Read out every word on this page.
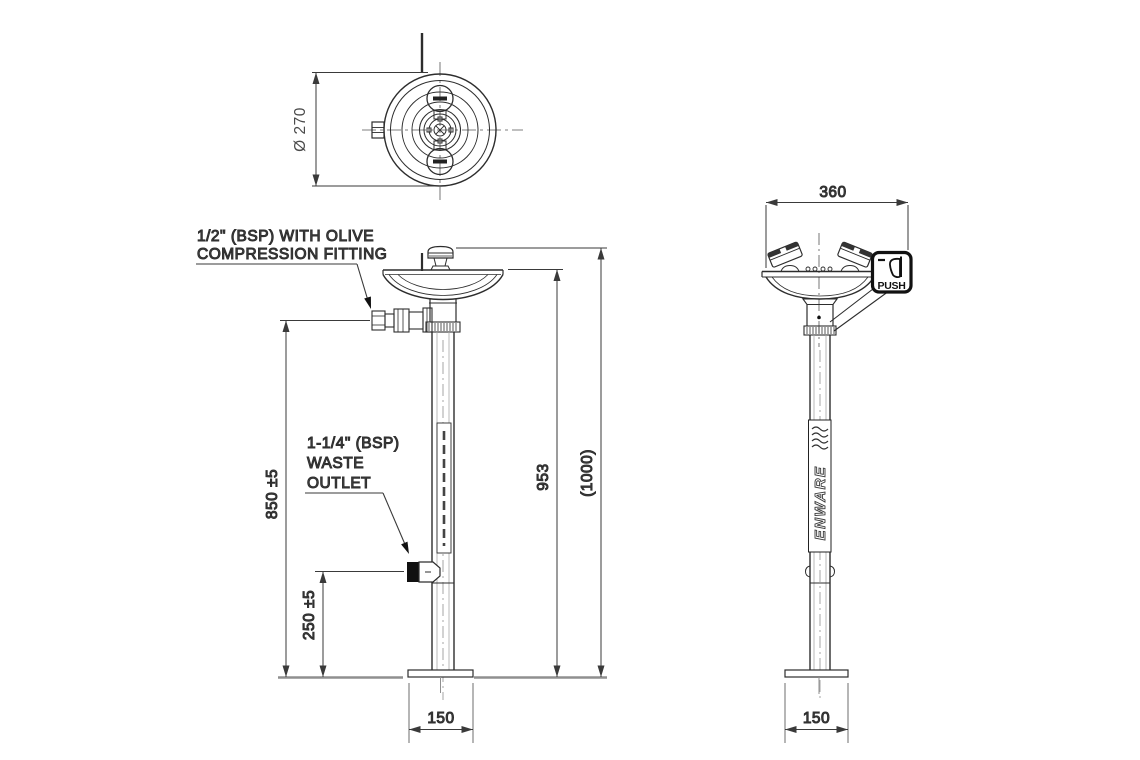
Ø 270
850 ±5
250 ±5
953 (1000)
150
1/2" (BSP) WITH OLIVE
COMPRESSION FITTING
1-1/4" (BSP)
WASTE
OUTLET
360
PUSH
ENWARE
150
